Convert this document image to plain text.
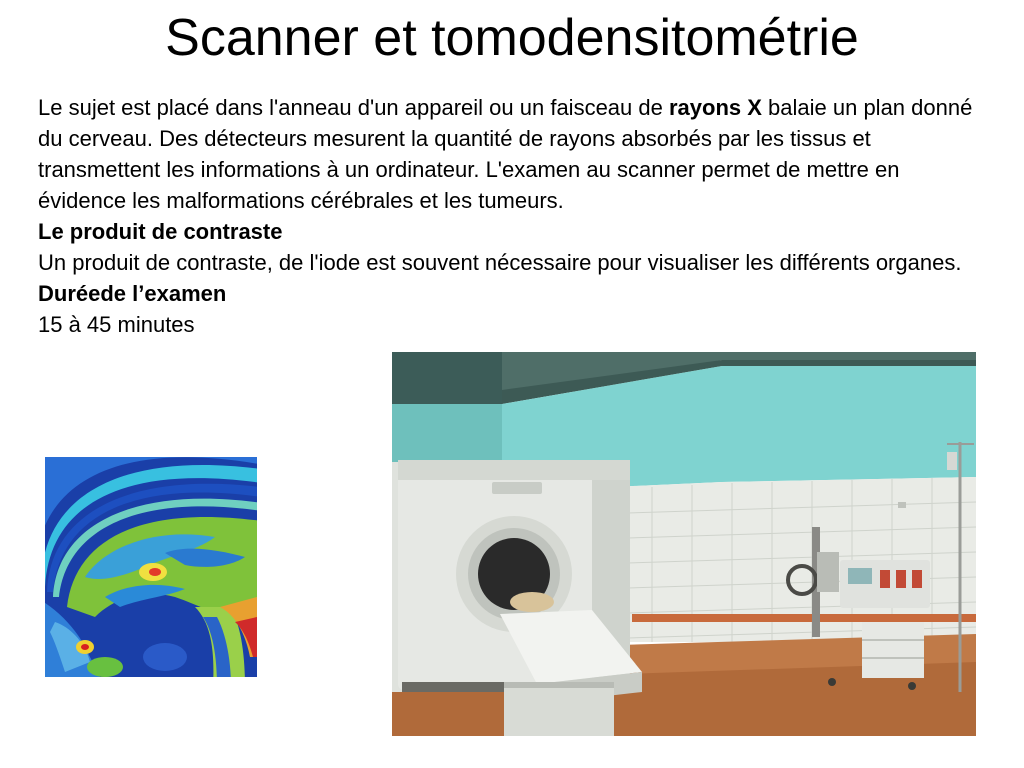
Scanner et tomodensitométrie

Le sujet est placé dans l'anneau d'un appareil ou un faisceau de rayons X balaie un plan donné du cerveau. Des détecteurs mesurent la quantité de rayons absorbés par les tissus et transmettent les informations à un ordinateur. L'examen au scanner permet de mettre en évidence les malformations cérébrales et les tumeurs.

Le produit de contraste

Un produit de contraste, de l'iode est souvent nécessaire pour visualiser les différents organes.

Duréede l’examen

15 à 45 minutes
